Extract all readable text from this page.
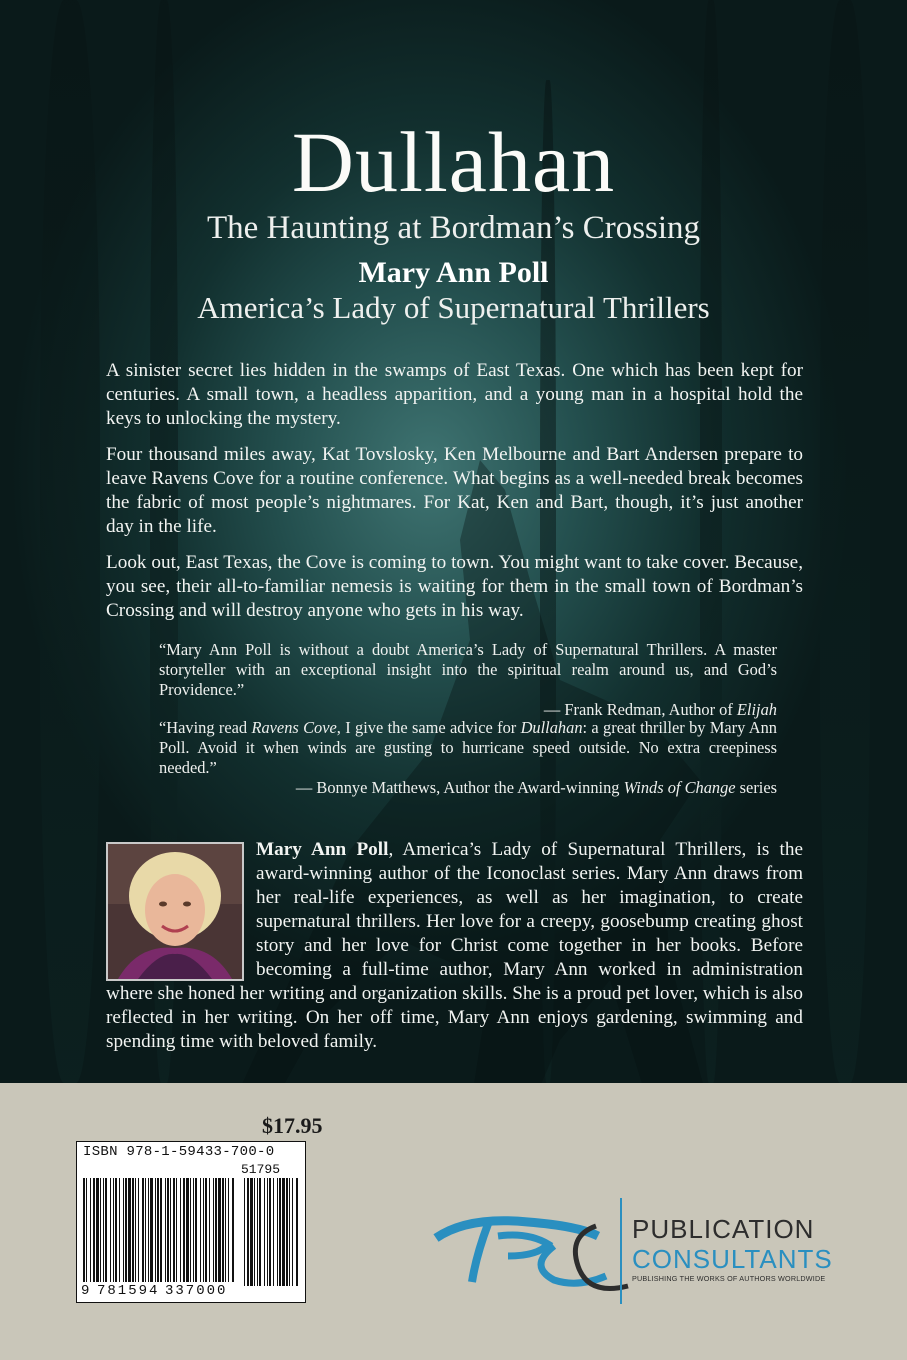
Dullahan
The Haunting at Bordman’s Crossing
Mary Ann Poll
America’s Lady of Supernatural Thrillers

A sinister secret lies hidden in the swamps of East Texas. One which has been kept for centuries. A small town, a headless apparition, and a young man in a hospital hold the keys to unlocking the mystery.

Four thousand miles away, Kat Tovslosky, Ken Melbourne and Bart Andersen prepare to leave Ravens Cove for a routine conference. What begins as a well-needed break becomes the fabric of most people’s nightmares. For Kat, Ken and Bart, though, it’s just another day in the life.

Look out, East Texas, the Cove is coming to town. You might want to take cover. Because, you see, their all-to-familiar nemesis is waiting for them in the small town of Bordman’s Crossing and will destroy anyone who gets in his way.

“Mary Ann Poll is without a doubt America’s Lady of Supernatural Thrillers. A master storyteller with an exceptional insight into the spiritual realm around us, and God’s Providence.”
— Frank Redman, Author of Elijah
“Having read Ravens Cove, I give the same advice for Dullahan: a great thriller by Mary Ann Poll. Avoid it when winds are gusting to hurricane speed outside. No extra creepiness needed.”
— Bonnye Matthews, Author the Award-winning Winds of Change series

Mary Ann Poll, America’s Lady of Supernatural Thrillers, is the award-winning author of the Iconoclast series. Mary Ann draws from her real-life experiences, as well as her imagination, to create supernatural thrillers. Her love for a creepy, goosebump creating ghost story and her love for Christ come together in her books. Before becoming a full-time author, Mary Ann worked in administration where she honed her writing and organization skills. She is a proud pet lover, which is also reflected in her writing. On her off time, Mary Ann enjoys gardening, swimming and spending time with beloved family.

$17.95
ISBN 978-1-59433-700-0
51795
9 781594 337000
PUBLICATION
CONSULTANTS
PUBLISHING THE WORKS OF AUTHORS WORLDWIDE
